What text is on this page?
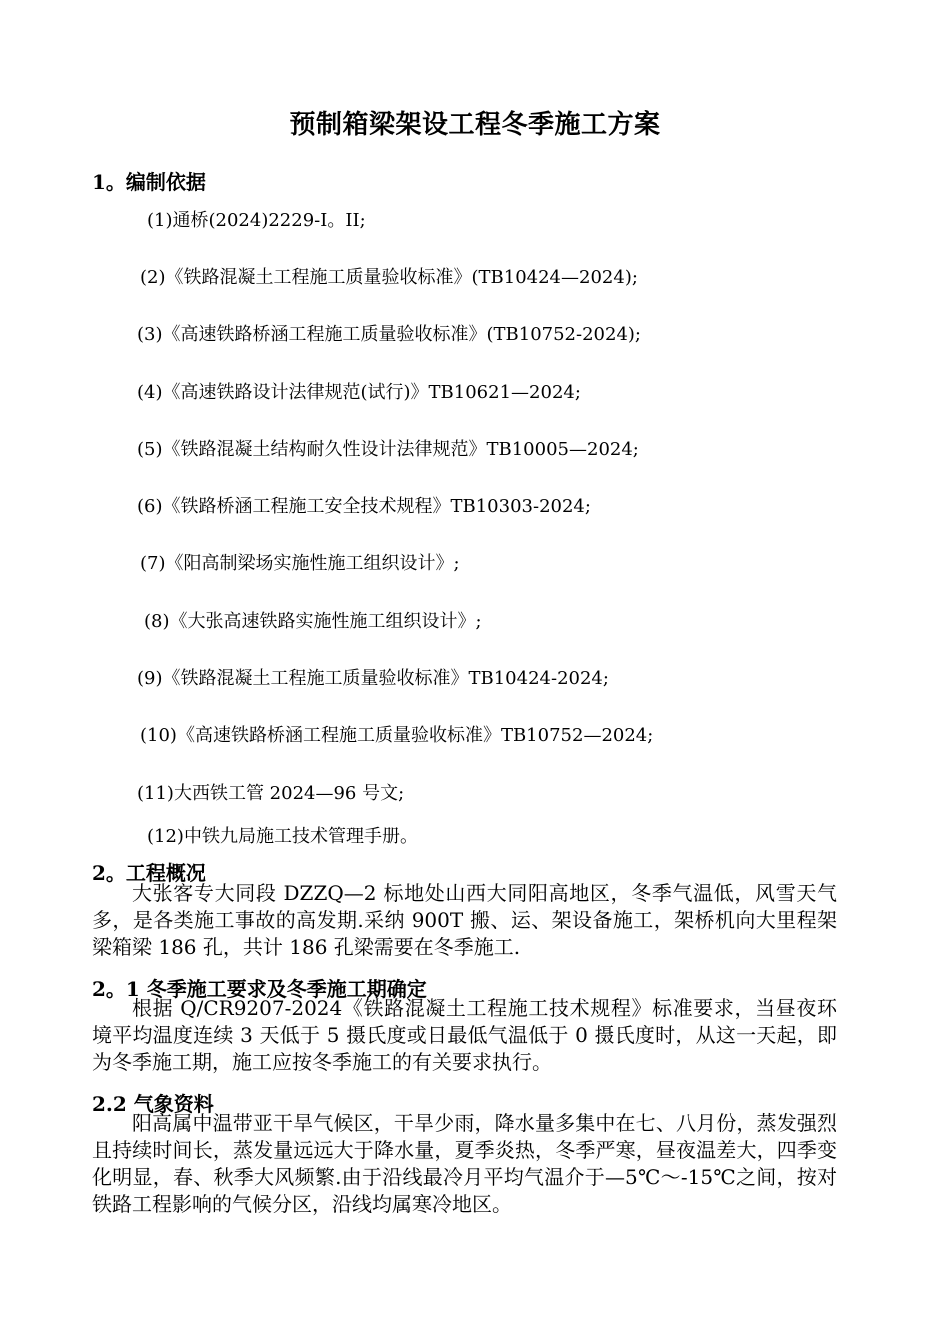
预制箱梁架设工程冬季施工方案
1。编制依据
(1)通桥(2024)2229-I。II;
(2)《铁路混凝土工程施工质量验收标准》(TB10424—2024);
(3)《高速铁路桥涵工程施工质量验收标准》(TB10752-2024);
(4)《高速铁路设计法律规范(试行)》TB10621—2024;
(5)《铁路混凝土结构耐久性设计法律规范》TB10005—2024;
(6)《铁路桥涵工程施工安全技术规程》TB10303-2024;
(7)《阳高制梁场实施性施工组织设计》;
(8)《大张高速铁路实施性施工组织设计》;
(9)《铁路混凝土工程施工质量验收标准》TB10424-2024;
(10)《高速铁路桥涵工程施工质量验收标准》TB10752—2024;
(11)大西铁工管 2024—96 号文;
(12)中铁九局施工技术管理手册。
2。工程概况

大张客专大同段 DZZQ—2 标地处山西大同阳高地区，冬季气温低，风雪天气多，是各类施工事故的高发期.采纳 900T 搬、运、架设备施工，架桥机向大里程架梁箱梁 186 孔，共计 186 孔梁需要在冬季施工.

2。1 冬季施工要求及冬季施工期确定

根据 Q/CR9207-2024《铁路混凝土工程施工技术规程》标准要求，当昼夜环境平均温度连续 3 天低于 5 摄氏度或日最低气温低于 0 摄氏度时，从这一天起，即为冬季施工期，施工应按冬季施工的有关要求执行。

2.2 气象资料

阳高属中温带亚干旱气候区，干旱少雨，降水量多集中在七、八月份，蒸发强烈且持续时间长，蒸发量远远大于降水量，夏季炎热，冬季严寒，昼夜温差大，四季变化明显，春、秋季大风频繁.由于沿线最冷月平均气温介于—5℃～-15℃之间，按对铁路工程影响的气候分区，沿线均属寒冷地区。
